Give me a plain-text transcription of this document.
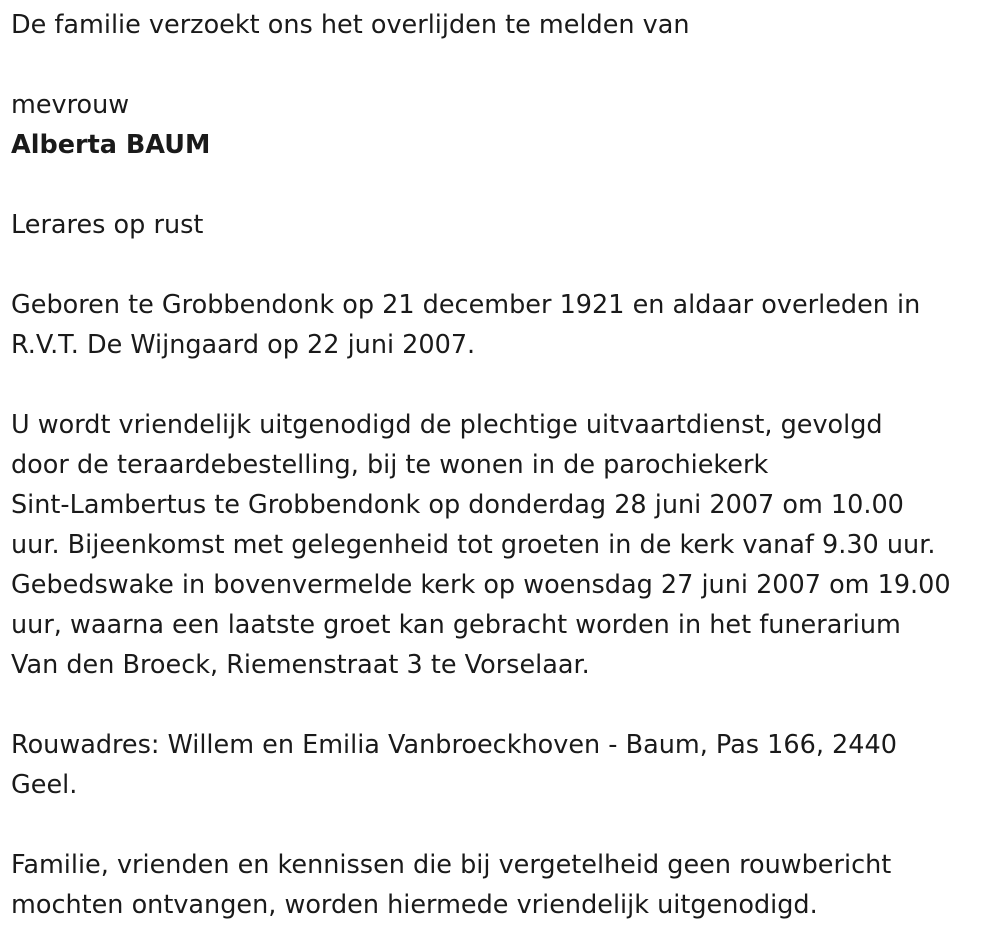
De familie verzoekt ons het overlijden te melden van
mevrouw
Alberta BAUM
Lerares op rust
Geboren te Grobbendonk op 21 december 1921 en aldaar overleden in
R.V.T. De Wijngaard op 22 juni 2007.
U wordt vriendelijk uitgenodigd de plechtige uitvaartdienst, gevolgd
door de teraardebestelling, bij te wonen in de parochiekerk
Sint-Lambertus te Grobbendonk op donderdag 28 juni 2007 om 10.00
uur. Bijeenkomst met gelegenheid tot groeten in de kerk vanaf 9.30 uur.
Gebedswake in bovenvermelde kerk op woensdag 27 juni 2007 om 19.00
uur, waarna een laatste groet kan gebracht worden in het funerarium
Van den Broeck, Riemenstraat 3 te Vorselaar.
Rouwadres: Willem en Emilia Vanbroeckhoven - Baum, Pas 166, 2440
Geel.
Familie, vrienden en kennissen die bij vergetelheid geen rouwbericht
mochten ontvangen, worden hiermede vriendelijk uitgenodigd.
